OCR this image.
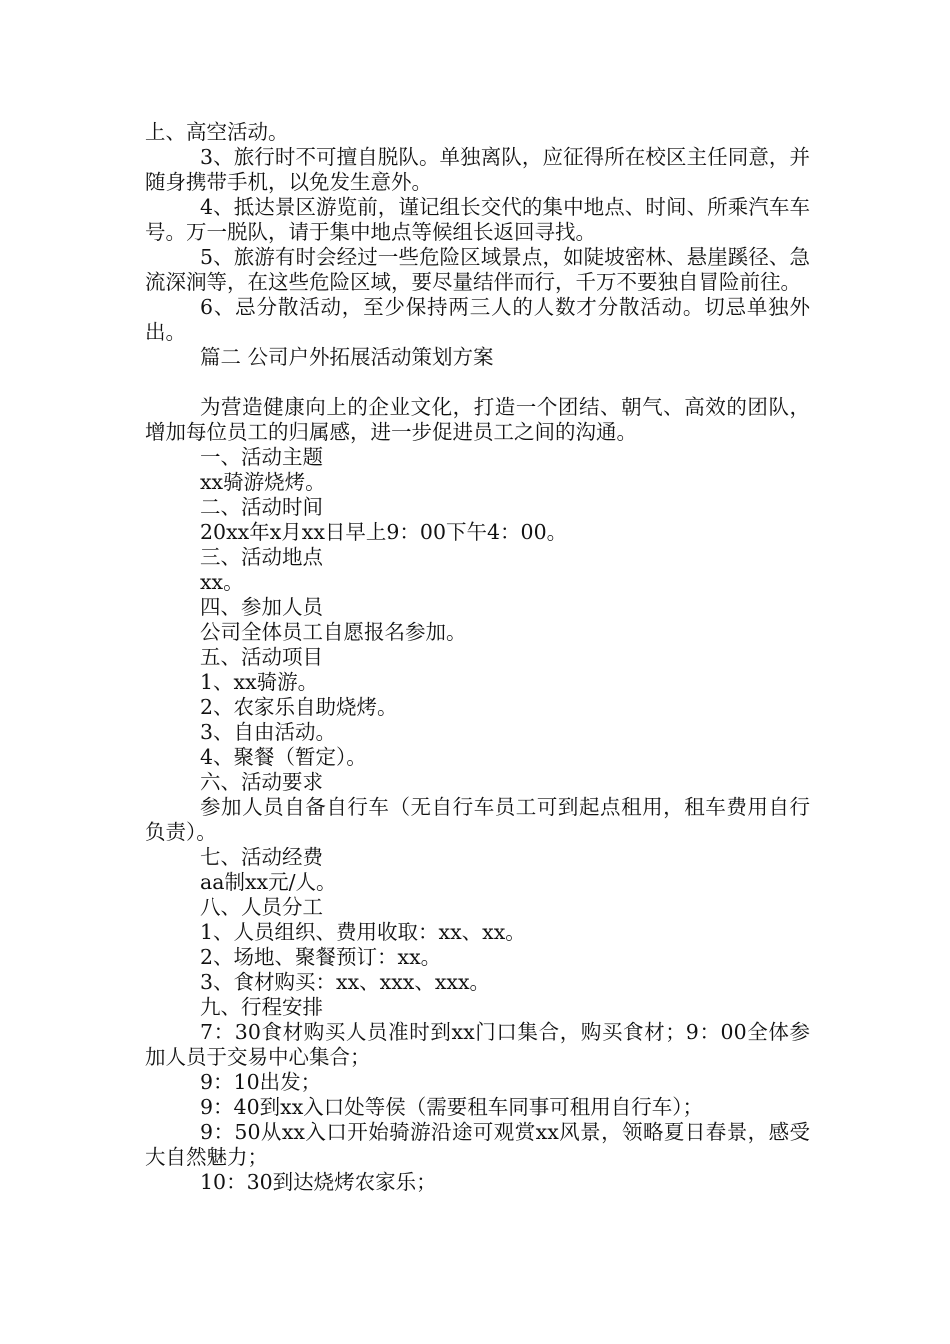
上、高空活动。

3、旅行时不可擅自脱队。单独离队，应征得所在校区主任同意，并随身携带手机，以免发生意外。

4、抵达景区游览前，谨记组长交代的集中地点、时间、所乘汽车车号。万一脱队，请于集中地点等候组长返回寻找。

5、旅游有时会经过一些危险区域景点，如陡坡密林、悬崖蹊径、急流深涧等，在这些危险区域，要尽量结伴而行，千万不要独自冒险前往。

6、忌分散活动，至少保持两三人的人数才分散活动。切忌单独外出。

篇二 公司户外拓展活动策划方案

为营造健康向上的企业文化，打造一个团结、朝气、高效的团队，增加每位员工的归属感，进一步促进员工之间的沟通。

一、活动主题

xx骑游烧烤。

二、活动时间

20xx年x月xx日早上9：00下午4：00。

三、活动地点

xx。

四、参加人员

公司全体员工自愿报名参加。

五、活动项目

1、xx骑游。

2、农家乐自助烧烤。

3、自由活动。

4、聚餐（暂定）。

六、活动要求

参加人员自备自行车（无自行车员工可到起点租用，租车费用自行负责）。

七、活动经费

aa制xx元/人。

八、人员分工

1、人员组织、费用收取：xx、xx。

2、场地、聚餐预订：xx。

3、食材购买：xx、xxx、xxx。

九、行程安排

7：30食材购买人员准时到xx门口集合，购买食材；9：00全体参加人员于交易中心集合；

9：10出发；

9：40到xx入口处等侯（需要租车同事可租用自行车）；

9：50从xx入口开始骑游沿途可观赏xx风景，领略夏日春景，感受大自然魅力；

10：30到达烧烤农家乐；
